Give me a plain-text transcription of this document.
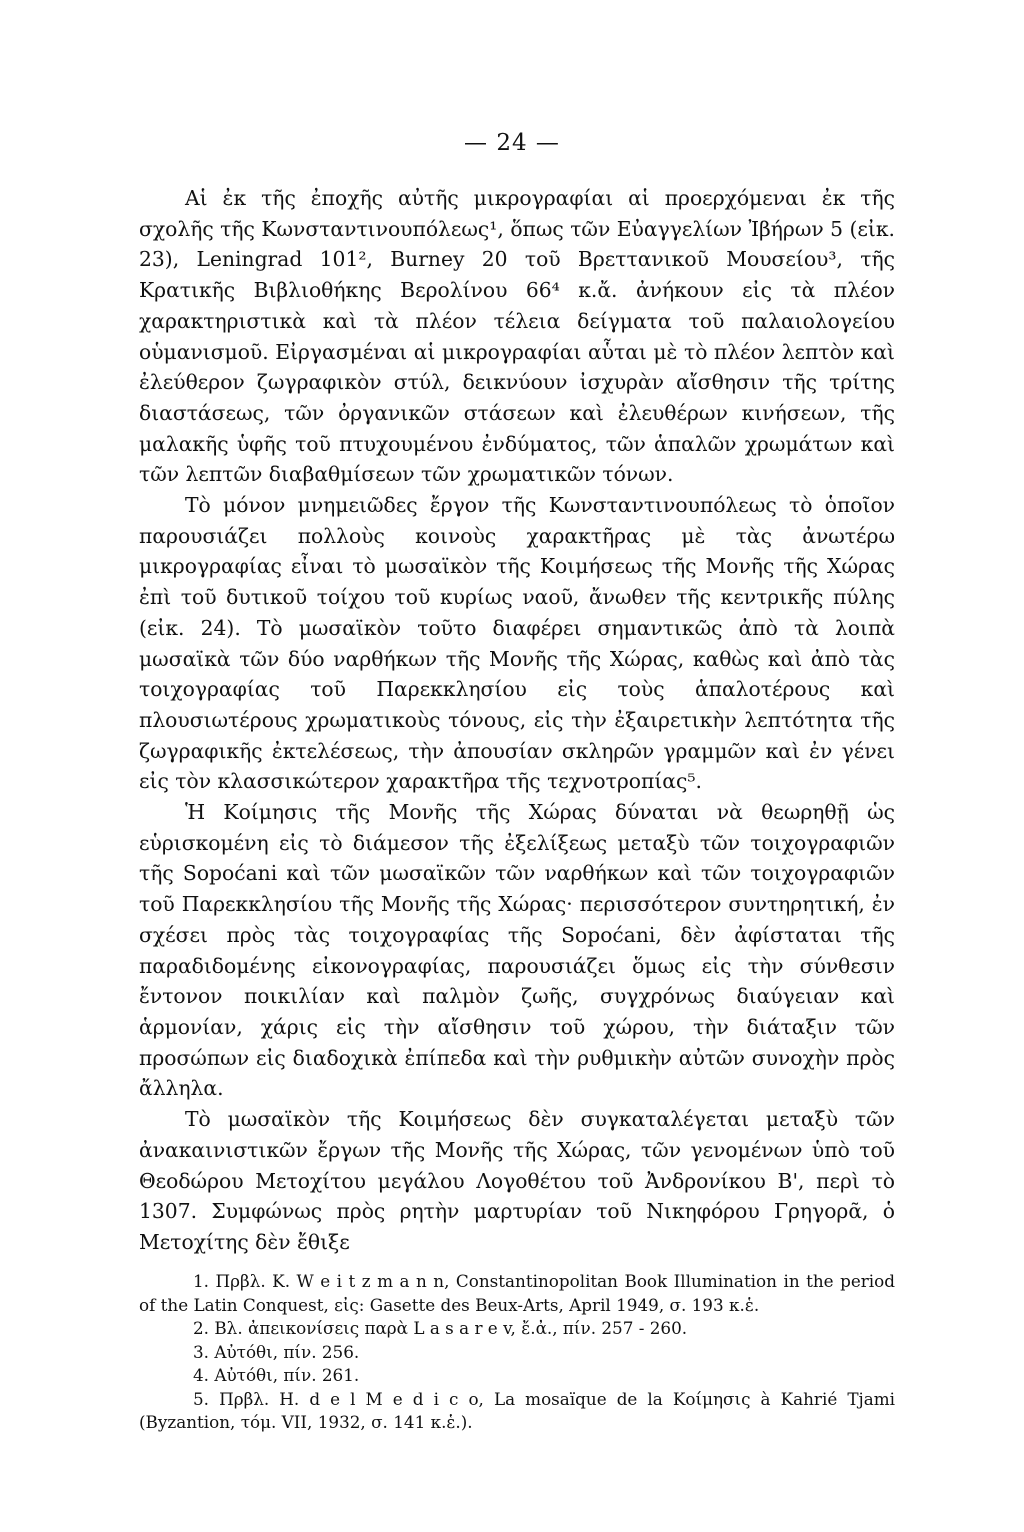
— 24 —

Αἱ ἐκ τῆς ἐποχῆς αὐτῆς μικρογραφίαι αἱ προερχόμεναι ἐκ τῆς σχολῆς τῆς Κωνσταντινουπόλεως¹, ὅπως τῶν Εὐαγγελίων Ἰβήρων 5 (εἰκ. 23), Leningrad 101², Burney 20 τοῦ Βρεττανικοῦ Μουσείου³, τῆς Κρατικῆς Βιβλιοθήκης Βερολίνου 66⁴ κ.ἄ. ἀνήκουν εἰς τὰ πλέον χαρακτηριστικὰ καὶ τὰ πλέον τέλεια δείγματα τοῦ παλαιολογείου οὑμανισμοῦ. Εἰργασμέναι αἱ μικρογραφίαι αὗται μὲ τὸ πλέον λεπτὸν καὶ ἐλεύθερον ζωγραφικὸν στύλ, δεικνύουν ἰσχυρὰν αἴσθησιν τῆς τρίτης διαστάσεως, τῶν ὀργανικῶν στάσεων καὶ ἐλευθέρων κινήσεων, τῆς μαλακῆς ὑφῆς τοῦ πτυχουμένου ἐνδύματος, τῶν ἁπαλῶν χρωμάτων καὶ τῶν λεπτῶν διαβαθμίσεων τῶν χρωματικῶν τόνων.

Τὸ μόνον μνημειῶδες ἔργον τῆς Κωνσταντινουπόλεως τὸ ὁποῖον παρουσιάζει πολλοὺς κοινοὺς χαρακτῆρας μὲ τὰς ἀνωτέρω μικρογραφίας εἶναι τὸ μωσαϊκὸν τῆς Κοιμήσεως τῆς Μονῆς τῆς Χώρας ἐπὶ τοῦ δυτικοῦ τοίχου τοῦ κυρίως ναοῦ, ἄνωθεν τῆς κεντρικῆς πύλης (εἰκ. 24). Τὸ μωσαϊκὸν τοῦτο διαφέρει σημαντικῶς ἀπὸ τὰ λοιπὰ μωσαϊκὰ τῶν δύο ναρθήκων τῆς Μονῆς τῆς Χώρας, καθὼς καὶ ἀπὸ τὰς τοιχογραφίας τοῦ Παρεκκλησίου εἰς τοὺς ἁπαλοτέρους καὶ πλουσιωτέρους χρωματικοὺς τόνους, εἰς τὴν ἐξαιρετικὴν λεπτότητα τῆς ζωγραφικῆς ἐκτελέσεως, τὴν ἀπουσίαν σκληρῶν γραμμῶν καὶ ἐν γένει εἰς τὸν κλασσικώτερον χαρακτῆρα τῆς τεχνοτροπίας⁵.

Ἡ Κοίμησις τῆς Μονῆς τῆς Χώρας δύναται νὰ θεωρηθῇ ὡς εὑρισκομένη εἰς τὸ διάμεσον τῆς ἐξελίξεως μεταξὺ τῶν τοιχογραφιῶν τῆς Sopoćani καὶ τῶν μωσαϊκῶν τῶν ναρθήκων καὶ τῶν τοιχογραφιῶν τοῦ Παρεκκλησίου τῆς Μονῆς τῆς Χώρας· περισσότερον συντηρητική, ἐν σχέσει πρὸς τὰς τοιχογραφίας τῆς Sopoćani, δὲν ἀφίσταται τῆς παραδιδομένης εἰκονογραφίας, παρουσιάζει ὅμως εἰς τὴν σύνθεσιν ἔντονον ποικιλίαν καὶ παλμὸν ζωῆς, συγχρόνως διαύγειαν καὶ ἁρμονίαν, χάρις εἰς τὴν αἴσθησιν τοῦ χώρου, τὴν διάταξιν τῶν προσώπων εἰς διαδοχικὰ ἐπίπεδα καὶ τὴν ρυθμικὴν αὐτῶν συνοχὴν πρὸς ἄλληλα.

Τὸ μωσαϊκὸν τῆς Κοιμήσεως δὲν συγκαταλέγεται μεταξὺ τῶν ἀνακαινιστικῶν ἔργων τῆς Μονῆς τῆς Χώρας, τῶν γενομένων ὑπὸ τοῦ Θεοδώρου Μετοχίτου μεγάλου Λογοθέτου τοῦ Ἀνδρονίκου Β', περὶ τὸ 1307. Συμφώνως πρὸς ρητὴν μαρτυρίαν τοῦ Νικηφόρου Γρηγορᾶ, ὁ Μετοχίτης δὲν ἔθιξε

1. Πρβλ. K. W e i t z m a n n, Constantinopolitan Book Illumination in the period of the Latin Conquest, εἰς: Gasette des Beux-Arts, April 1949, σ. 193 κ.ἑ.

2. Βλ. ἀπεικονίσεις παρὰ L a s a r e v, ἔ.ἀ., πίν. 257 - 260.

3. Αὐτόθι, πίν. 256.

4. Αὐτόθι, πίν. 261.

5. Πρβλ. H. d e l M e d i c o, La mosaïque de la Κοίμησις à Kahrié Tjami (Byzantion, τόμ. VII, 1932, σ. 141 κ.ἑ.).
